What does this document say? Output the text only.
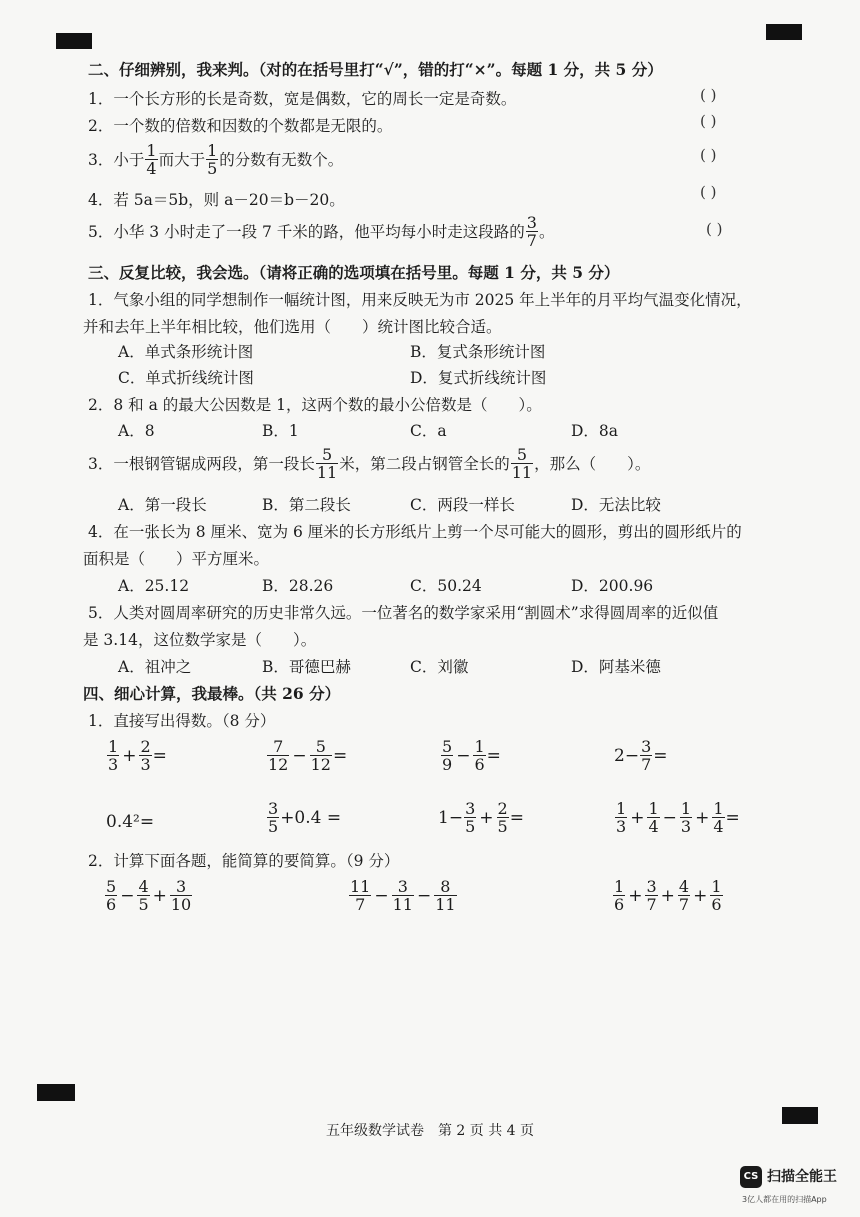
二、仔细辨别，我来判。（对的在括号里打“√”，错的打“×”。每题 1 分，共 5 分）
1．一个长方形的长是奇数，宽是偶数，它的周长一定是奇数。	( )
2．一个数的倍数和因数的个数都是无限的。	( )
3．小于 $\frac{1}{4}$ 而大于 $\frac{1}{5}$ 的分数有无数个。	( )
4．若 5a＝5b，则 a－20＝b－20。	( )
5．小华 3 小时走了一段 7 千米的路，他平均每小时走这段路的 $\frac{3}{7}$ 。	( )
三、反复比较，我会选。（请将正确的选项填在括号里。每题 1 分，共 5 分）
1．气象小组的同学想制作一幅统计图，用来反映无为市 2025 年上半年的月平均气温变化情况，
并和去年上半年相比较，他们选用（　　）统计图比较合适。
A．单式条形统计图	B．复式条形统计图
C．单式折线统计图	D．复式折线统计图
2．8 和 a 的最大公因数是 1，这两个数的最小公倍数是（　　）。
A．8	B．1	C．a	D．8a
3．一根钢管锯成两段，第一段长 $\frac{5}{11}$ 米，第二段占钢管全长的 $\frac{5}{11}$ ，那么（　　）。
A．第一段长	B．第二段长	C．两段一样长	D．无法比较
4．在一张长为 8 厘米、宽为 6 厘米的长方形纸片上剪一个尽可能大的圆形，剪出的圆形纸片的
面积是（　　）平方厘米。
A．25.12	B．28.26	C．50.24	D．200.96
5．人类对圆周率研究的历史非常久远。一位著名的数学家采用“割圆术”求得圆周率的近似值
是 3.14，这位数学家是（　　）。
A．祖冲之	B．哥德巴赫	C．刘徽	D．阿基米德
四、细心计算，我最棒。（共 26 分）
1．直接写出得数。（8 分）
$\frac{1}{3} + \frac{2}{3}$ =	$\frac{7}{12} - \frac{5}{12}$ =	$\frac{5}{9} - \frac{1}{6}$ =	$2- \frac{3}{7}$ =
0.4²=	$\frac{3}{5} +0.4$ =	$1- \frac{3}{5} + \frac{2}{5}$ =	$\frac{1}{3} + \frac{1}{4} - \frac{1}{3} + \frac{1}{4}$ =
2．计算下面各题，能简算的要简算。（9 分）
$\frac{5}{6} - \frac{4}{5} + \frac{3}{10}$	$\frac{11}{7} - \frac{3}{11} - \frac{8}{11}$	$\frac{1}{6} + \frac{3}{7} + \frac{4}{7} + \frac{1}{6}$
五年级数学试卷　第 2 页 共 4 页
CS 扫描全能王
3亿人都在用的扫描App
